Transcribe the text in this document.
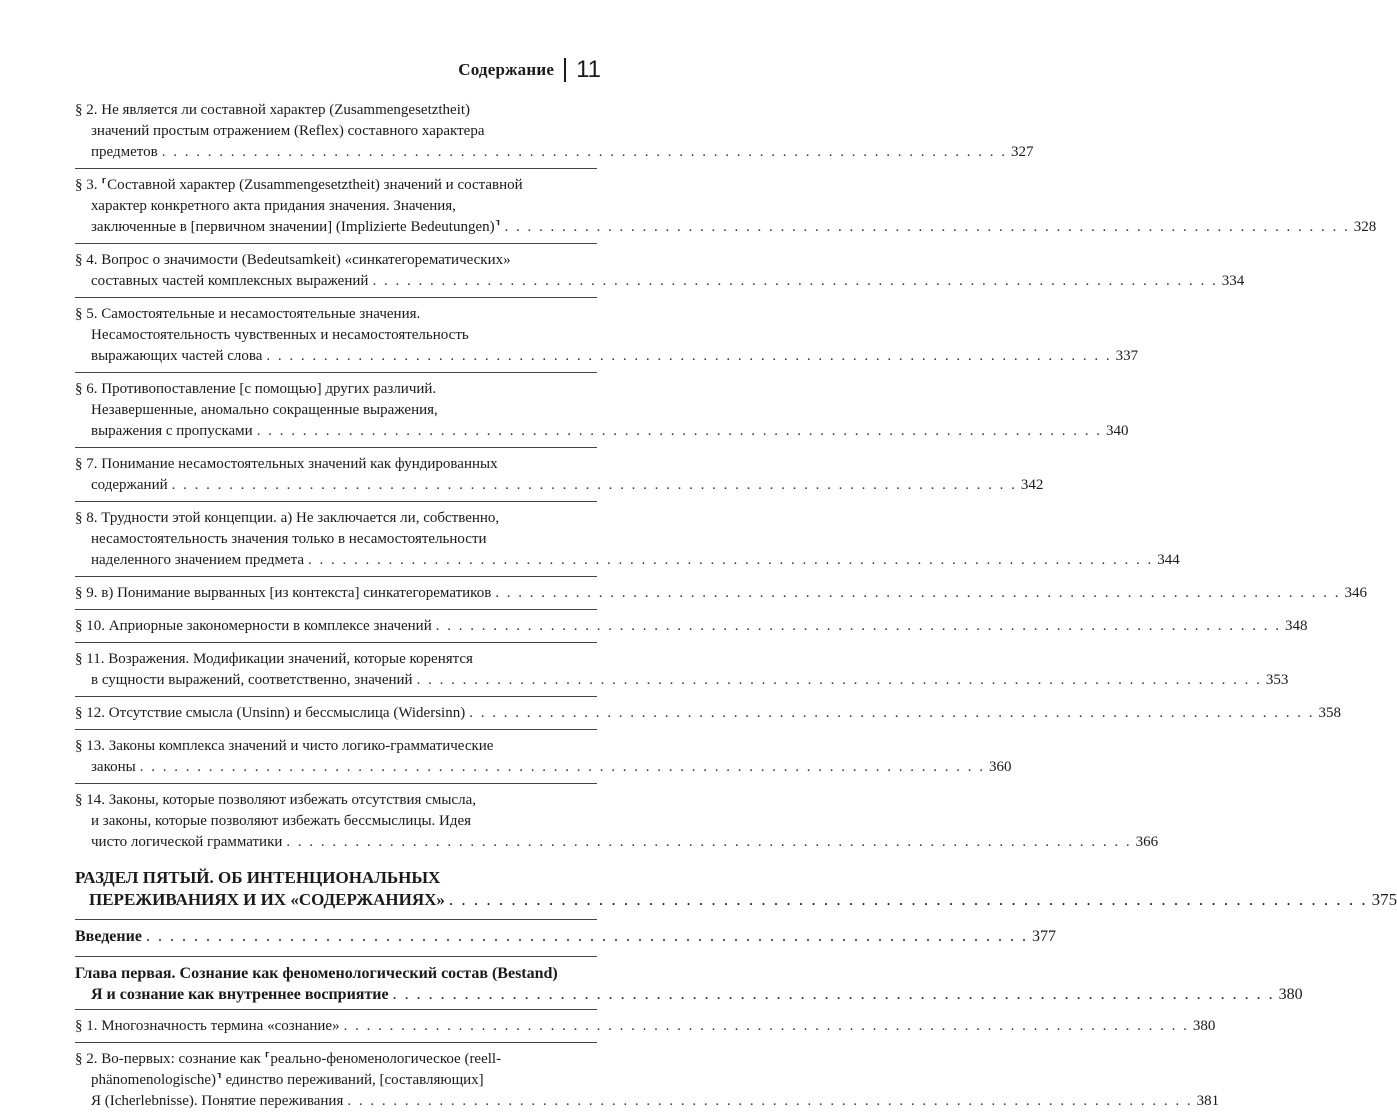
Содержание 11
§ 2. Не является ли составной характер (Zusammengesetztheit)
значений простым отражением (Reflex) составного характера
предметов . . . . . . . . . . . . . . . . . . . . . . . . . . . . . . . . . . . . . . . . . . . . . . . . . . . . . . . . . . . . . . . . . . . . . . . . . . 327
§ 3. ⸢Составной характер (Zusammengesetztheit) значений и составной
характер конкретного акта придания значения. Значения,
заключенные в [первичном значении] (Implizierte Bedeutungen)⸣ . . . . . . . . . . . . . . . . . . . . . . . . . . . . . . . . . . . . . . . . . . . . . . . . . . . . . . . . . . . . . . . . . . . . . . . . . . 328
§ 4. Вопрос о значимости (Bedeutsamkeit) «синкатегорематических»
составных частей комплексных выражений . . . . . . . . . . . . . . . . . . . . . . . . . . . . . . . . . . . . . . . . . . . . . . . . . . . . . . . . . . . . . . . . . . . . . . . . . . 334
§ 5. Самостоятельные и несамостоятельные значения.
Несамостоятельность чувственных и несамостоятельность
выражающих частей слова . . . . . . . . . . . . . . . . . . . . . . . . . . . . . . . . . . . . . . . . . . . . . . . . . . . . . . . . . . . . . . . . . . . . . . . . . . 337
§ 6. Противопоставление [с помощью] других различий.
Незавершенные, аномально сокращенные выражения,
выражения с пропусками . . . . . . . . . . . . . . . . . . . . . . . . . . . . . . . . . . . . . . . . . . . . . . . . . . . . . . . . . . . . . . . . . . . . . . . . . . 340
§ 7. Понимание несамостоятельных значений как фундированных
содержаний . . . . . . . . . . . . . . . . . . . . . . . . . . . . . . . . . . . . . . . . . . . . . . . . . . . . . . . . . . . . . . . . . . . . . . . . . . 342
§ 8. Трудности этой концепции. а) Не заключается ли, собственно,
несамостоятельность значения только в несамостоятельности
наделенного значением предмета . . . . . . . . . . . . . . . . . . . . . . . . . . . . . . . . . . . . . . . . . . . . . . . . . . . . . . . . . . . . . . . . . . . . . . . . . . 344
§ 9. в) Понимание вырванных [из контекста] синкатегорематиков . . . . . . . . . . . . . . . . . . . . . . . . . . . . . . . . . . . . . . . . . . . . . . . . . . . . . . . . . . . . . . . . . . . . . . . . . . 346
§ 10. Априорные закономерности в комплексе значений . . . . . . . . . . . . . . . . . . . . . . . . . . . . . . . . . . . . . . . . . . . . . . . . . . . . . . . . . . . . . . . . . . . . . . . . . . 348
§ 11. Возражения. Модификации значений, которые коренятся
в сущности выражений, соответственно, значений . . . . . . . . . . . . . . . . . . . . . . . . . . . . . . . . . . . . . . . . . . . . . . . . . . . . . . . . . . . . . . . . . . . . . . . . . . 353
§ 12. Отсутствие смысла (Unsinn) и бессмыслица (Widersinn) . . . . . . . . . . . . . . . . . . . . . . . . . . . . . . . . . . . . . . . . . . . . . . . . . . . . . . . . . . . . . . . . . . . . . . . . . . 358
§ 13. Законы комплекса значений и чисто логико-грамматические
законы . . . . . . . . . . . . . . . . . . . . . . . . . . . . . . . . . . . . . . . . . . . . . . . . . . . . . . . . . . . . . . . . . . . . . . . . . . 360
§ 14. Законы, которые позволяют избежать отсутствия смысла,
и законы, которые позволяют избежать бессмыслицы. Идея
чисто логической грамматики . . . . . . . . . . . . . . . . . . . . . . . . . . . . . . . . . . . . . . . . . . . . . . . . . . . . . . . . . . . . . . . . . . . . . . . . . . 366
РАЗДЕЛ ПЯТЫЙ. ОБ ИНТЕНЦИОНАЛЬНЫХ
ПЕРЕЖИВАНИЯХ И ИХ «СОДЕРЖАНИЯХ» . . . . . . . . . . . . . . . . . . . . . . . . . . . . . . . . . . . . . . . . . . . . . . . . . . . . . . . . . . . . . . . . . . . . . . . . . . 375
Введение . . . . . . . . . . . . . . . . . . . . . . . . . . . . . . . . . . . . . . . . . . . . . . . . . . . . . . . . . . . . . . . . . . . . . . . . . . 377
Глава первая. Сознание как феноменологический состав (Bestand)
Я и сознание как внутреннее восприятие . . . . . . . . . . . . . . . . . . . . . . . . . . . . . . . . . . . . . . . . . . . . . . . . . . . . . . . . . . . . . . . . . . . . . . . . . . 380
§ 1. Многозначность термина «сознание» . . . . . . . . . . . . . . . . . . . . . . . . . . . . . . . . . . . . . . . . . . . . . . . . . . . . . . . . . . . . . . . . . . . . . . . . . . 380
§ 2. Во-первых: сознание как ⸢реально-феноменологическое (reell-
phänomenologische)⸣ единство переживаний, [составляющих]
Я (Icherlebnisse). Понятие переживания . . . . . . . . . . . . . . . . . . . . . . . . . . . . . . . . . . . . . . . . . . . . . . . . . . . . . . . . . . . . . . . . . . . . . . . . . . 381
